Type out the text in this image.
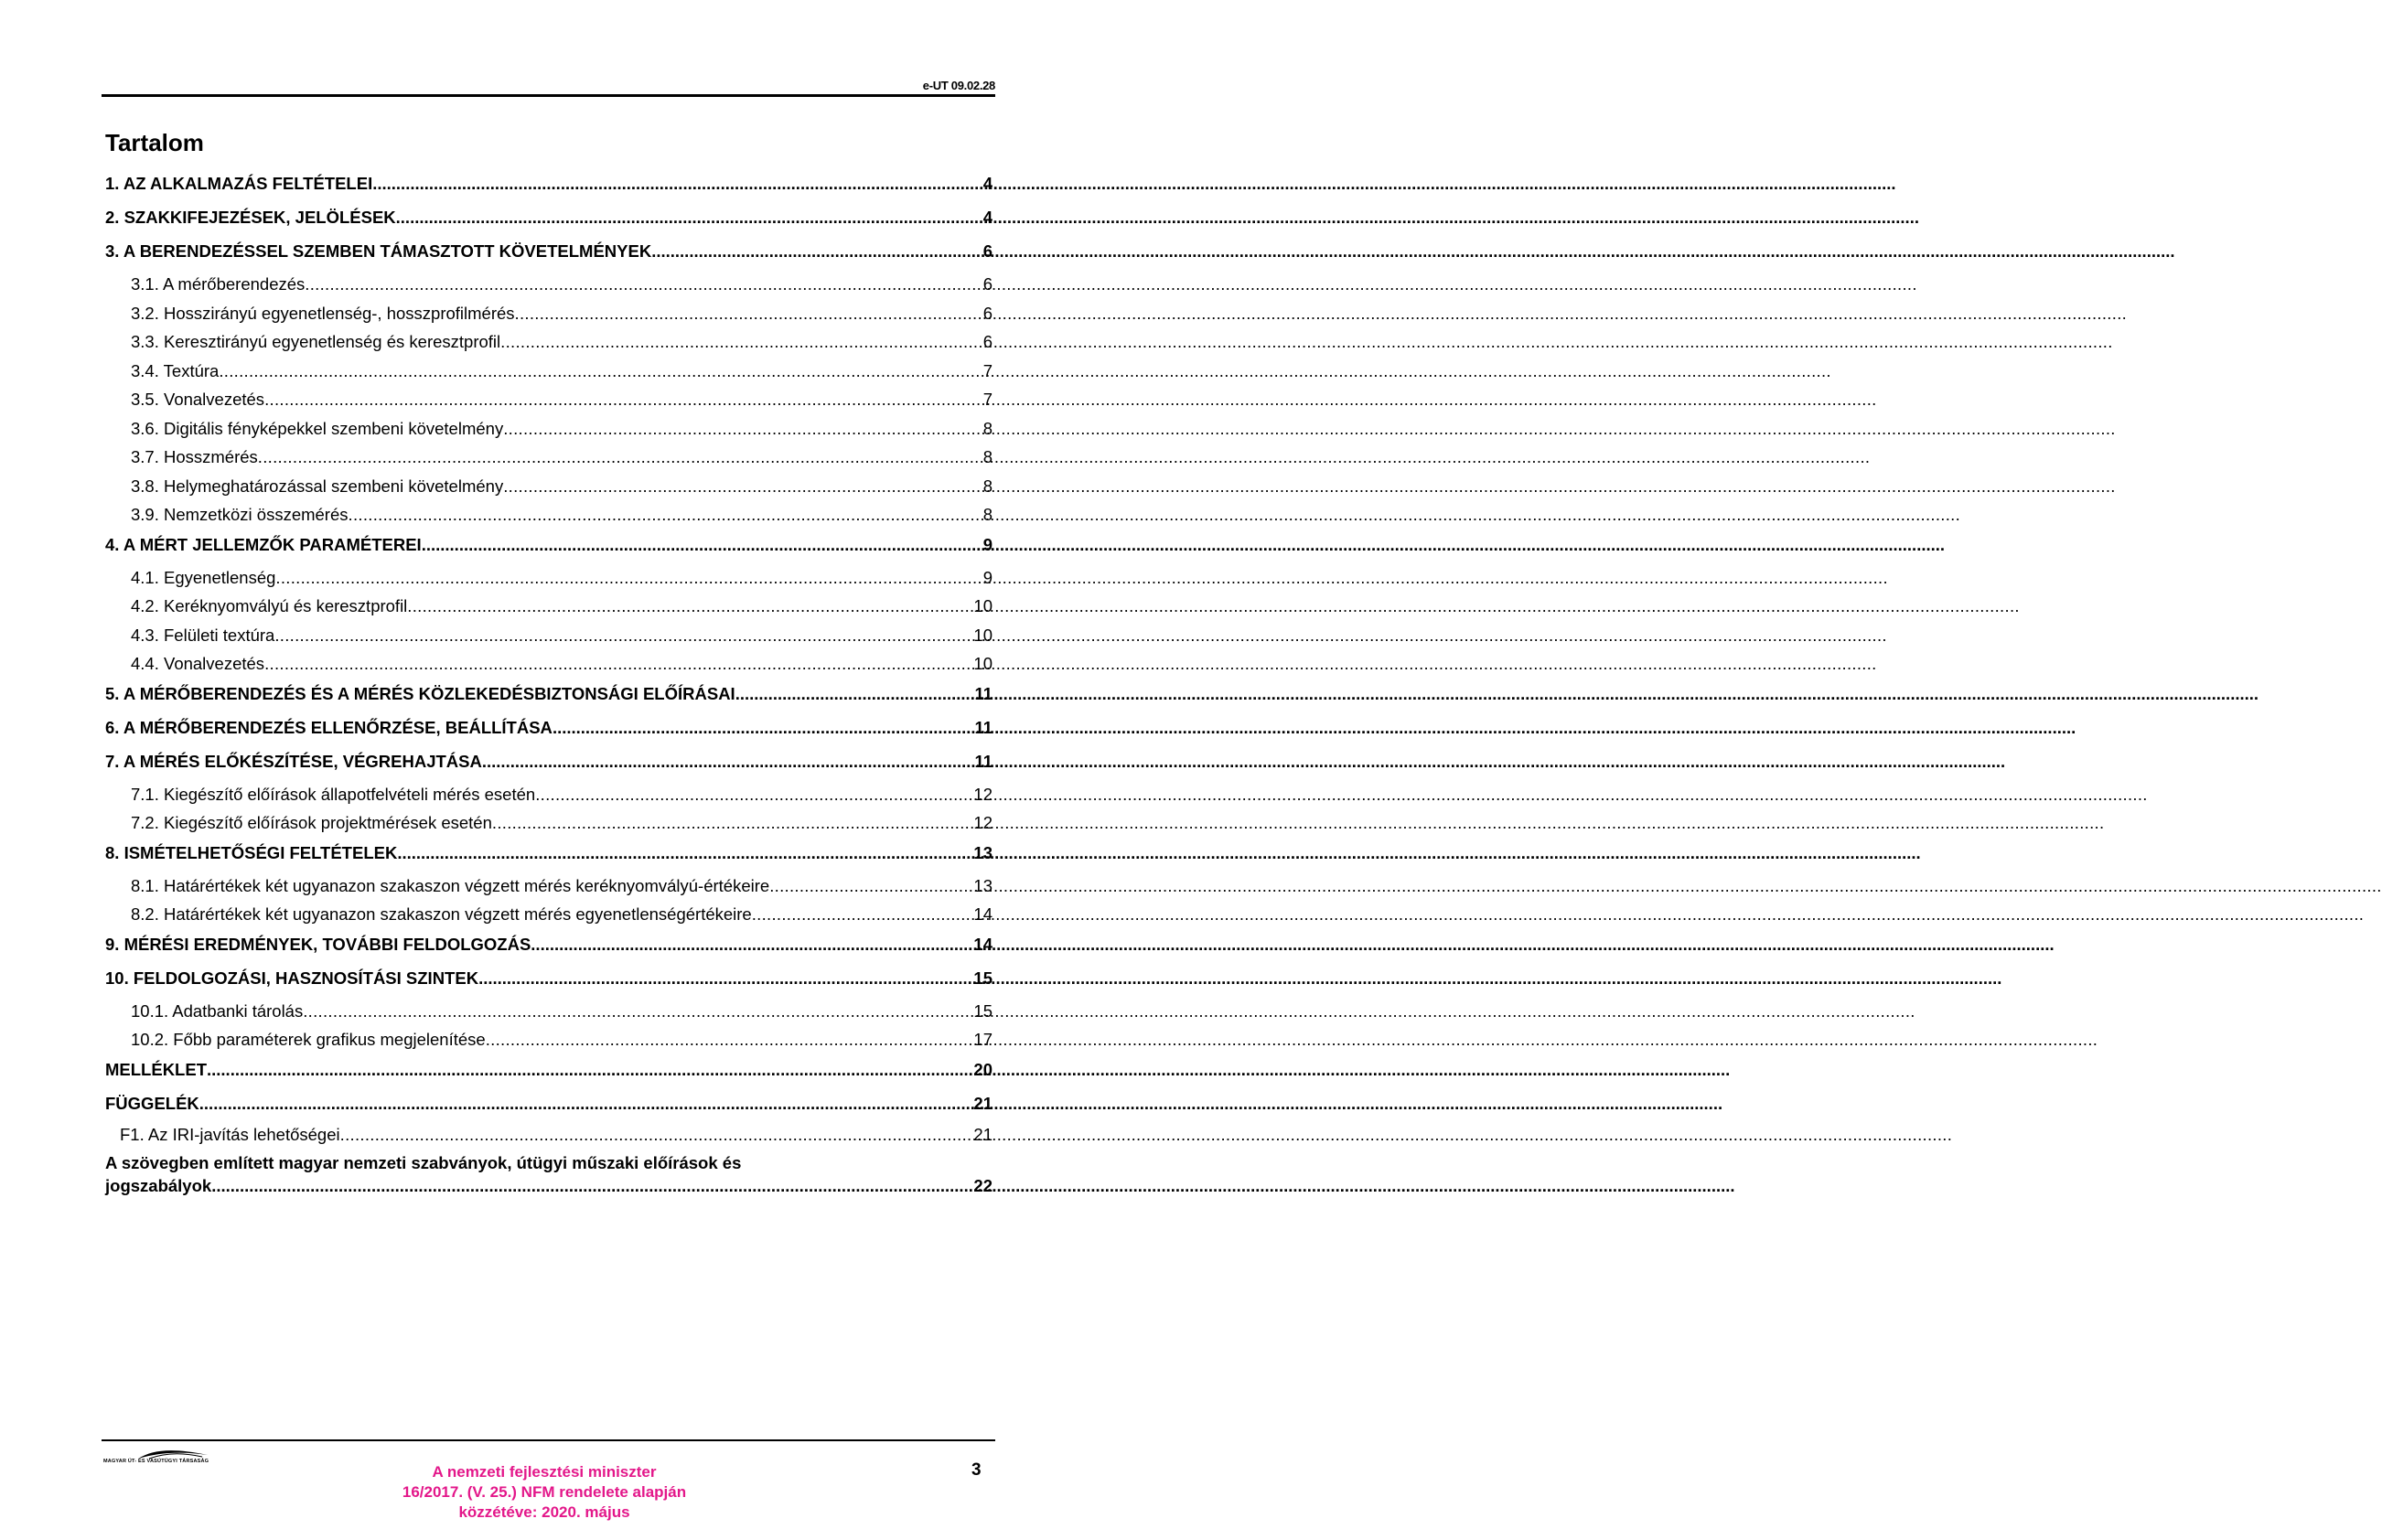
e-UT 09.02.28
Tartalom
1. AZ ALKALMAZÁS FELTÉTELEI .....	4
2. SZAKKIFEJEZÉSEK, JELÖLÉSEK .....	4
3. A BERENDEZÉSSEL SZEMBEN TÁMASZTOTT KÖVETELMÉNYEK .....	6
3.1. A mérőberendezés .....	6
3.2. Hosszirányú egyenetlenség-, hosszprofilmérés .....	6
3.3. Keresztirányú egyenetlenség és keresztprofil .....	6
3.4. Textúra .....	7
3.5. Vonalvezetés .....	7
3.6. Digitális fényképekkel szembeni követelmény .....	8
3.7. Hosszmérés .....	8
3.8. Helymeghatározással szembeni követelmény .....	8
3.9. Nemzetközi összemérés .....	8
4. A MÉRT JELLEMZŐK PARAMÉTEREI .....	9
4.1. Egyenetlenség .....	9
4.2. Keréknyomvályú és keresztprofil .....	10
4.3. Felületi textúra .....	10
4.4. Vonalvezetés .....	10
5. A MÉRŐBERENDEZÉS ÉS A MÉRÉS KÖZLEKEDÉSBIZTONSÁGI ELŐÍRÁSAI .....	11
6. A MÉRŐBERENDEZÉS ELLENŐRZÉSE, BEÁLLÍTÁSA .....	11
7. A MÉRÉS ELŐKÉSZÍTÉSE, VÉGREHAJTÁSA .....	11
7.1. Kiegészítő előírások állapotfelvételi mérés esetén .....	12
7.2. Kiegészítő előírások projektmérések esetén .....	12
8. ISMÉTELHETŐSÉGI FELTÉTELEK .....	13
8.1. Határértékek két ugyanazon szakaszon végzett mérés keréknyomvályú-értékeire .....	13
8.2. Határértékek két ugyanazon szakaszon végzett mérés egyenetlenségértékeire .....	14
9. MÉRÉSI EREDMÉNYEK, TOVÁBBI FELDOLGOZÁS .....	14
10. FELDOLGOZÁSI, HASZNOSÍTÁSI SZINTEK .....	15
10.1. Adatbanki tárolás .....	15
10.2. Főbb paraméterek grafikus megjelenítése .....	17
MELLÉKLET .....	20
FÜGGELÉK .....	21
F1. Az IRI-javítás lehetőségei .....	21
A szövegben említett magyar nemzeti szabványok, útügyi műszaki előírások és
jogszabályok .....	22
MAGYAR ÚT- ÉS VASÚTÜGYI TÁRSASÁG	3
A nemzeti fejlesztési miniszter
16/2017. (V. 25.) NFM rendelete alapján
közzétéve: 2020. május
